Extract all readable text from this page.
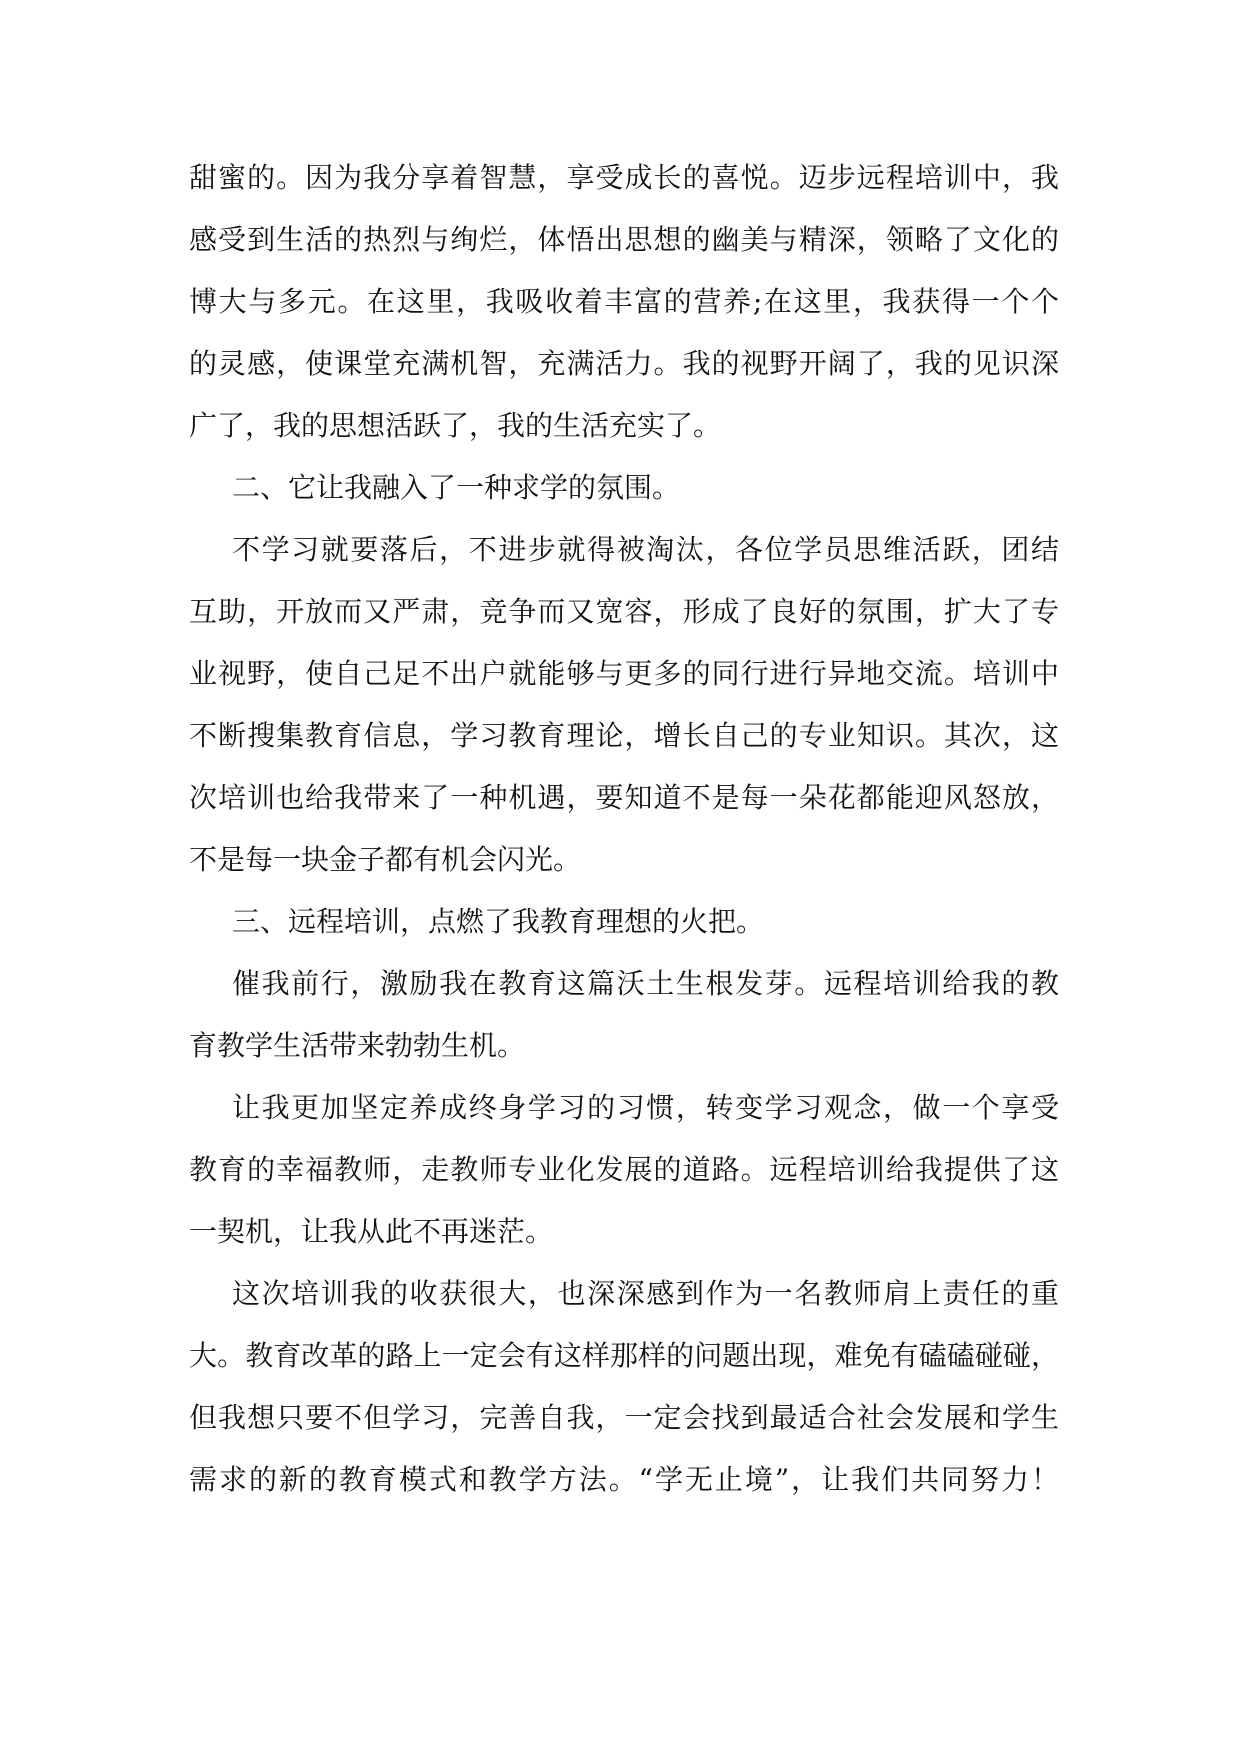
甜蜜的。因为我分享着智慧，享受成长的喜悦。迈步远程培训中，我
感受到生活的热烈与绚烂，体悟出思想的幽美与精深，领略了文化的
博大与多元。在这里，我吸收着丰富的营养;在这里，我获得一个个
的灵感，使课堂充满机智，充满活力。我的视野开阔了，我的见识深
广了，我的思想活跃了，我的生活充实了。
二、它让我融入了一种求学的氛围。
不学习就要落后，不进步就得被淘汰，各位学员思维活跃，团结
互助，开放而又严肃，竞争而又宽容，形成了良好的氛围，扩大了专
业视野，使自己足不出户就能够与更多的同行进行异地交流。培训中
不断搜集教育信息，学习教育理论，增长自己的专业知识。其次，这
次培训也给我带来了一种机遇，要知道不是每一朵花都能迎风怒放，
不是每一块金子都有机会闪光。
三、远程培训，点燃了我教育理想的火把。
催我前行，激励我在教育这篇沃土生根发芽。远程培训给我的教
育教学生活带来勃勃生机。
让我更加坚定养成终身学习的习惯，转变学习观念，做一个享受
教育的幸福教师，走教师专业化发展的道路。远程培训给我提供了这
一契机，让我从此不再迷茫。
这次培训我的收获很大，也深深感到作为一名教师肩上责任的重
大。教育改革的路上一定会有这样那样的问题出现，难免有磕磕碰碰，
但我想只要不但学习，完善自我，一定会找到最适合社会发展和学生
需求的新的教育模式和教学方法。“学无止境”，让我们共同努力！
